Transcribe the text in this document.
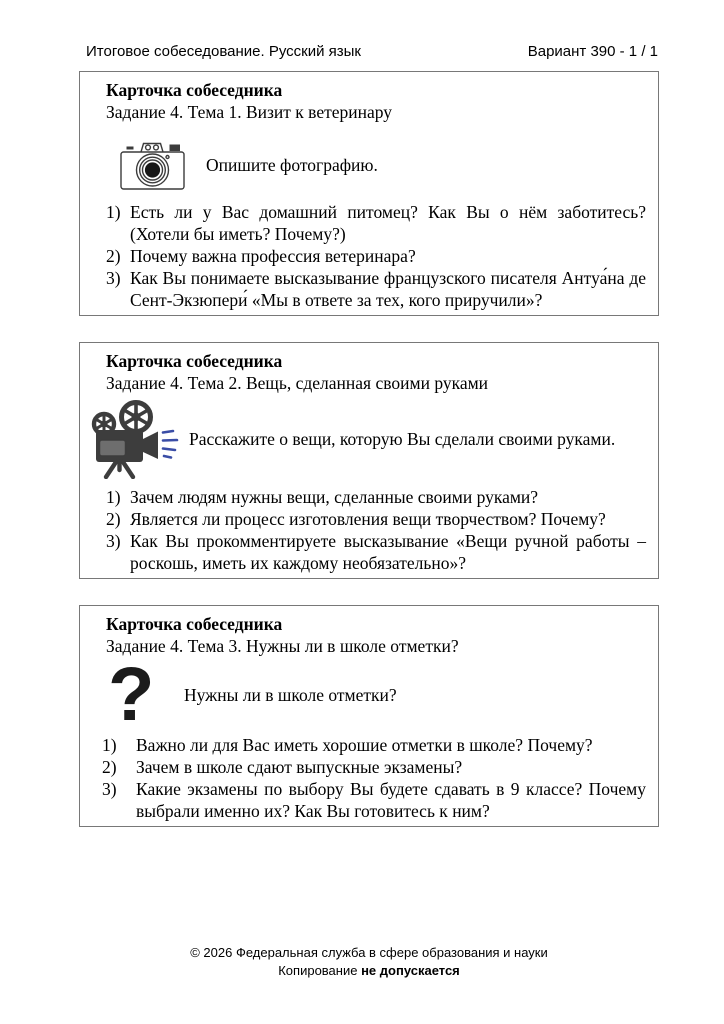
Итоговое собеседование. Русский язык	Вариант 390 - 1 / 1
Карточка собеседника
Задание 4. Тема 1. Визит к ветеринару
Опишите фотографию.
1) Есть ли у Вас домашний питомец? Как Вы о нём заботитесь? (Хотели бы иметь? Почему?)
2) Почему важна профессия ветеринара?
3) Как Вы понимаете высказывание французского писателя Антуа́на де Сент-Экзюпери́ «Мы в ответе за тех, кого приручили»?
Карточка собеседника
Задание 4. Тема 2. Вещь, сделанная своими руками
Расскажите о вещи, которую Вы сделали своими руками.
1) Зачем людям нужны вещи, сделанные своими руками?
2) Является ли процесс изготовления вещи творчеством? Почему?
3) Как Вы прокомментируете высказывание «Вещи ручной работы – роскошь, иметь их каждому необязательно»?
Карточка собеседника
Задание 4. Тема 3. Нужны ли в школе отметки?
? Нужны ли в школе отметки?
1)	Важно ли для Вас иметь хорошие отметки в школе? Почему?
2)	Зачем в школе сдают выпускные экзамены?
3)	Какие экзамены по выбору Вы будете сдавать в 9 классе? Почему выбрали именно их? Как Вы готовитесь к ним?
© 2026 Федеральная служба в сфере образования и науки
Копирование не допускается
